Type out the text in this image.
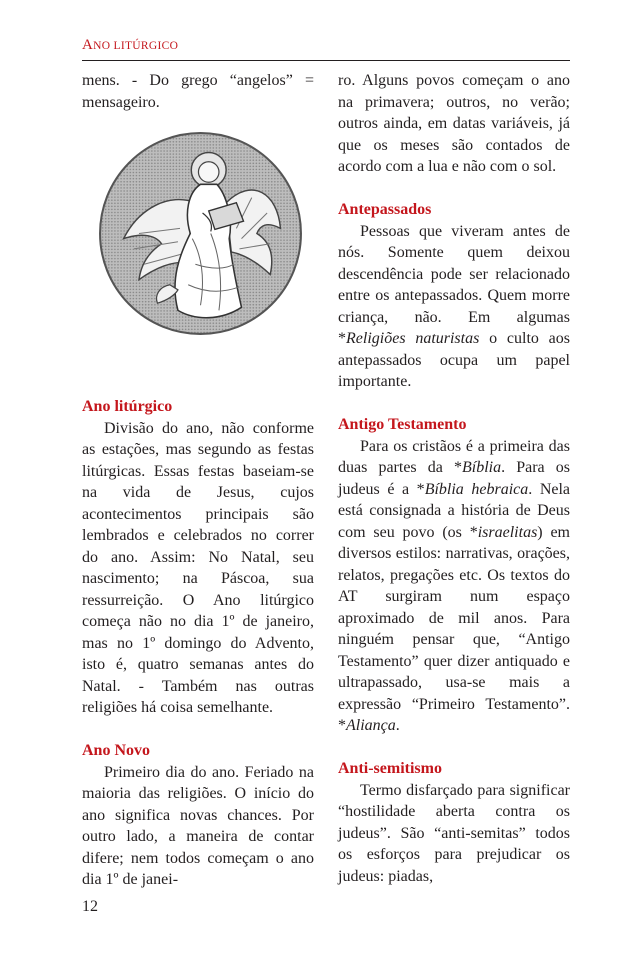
ANO LITÚRGICO

mens. - Do grego “angelos” = mensageiro.

Ano litúrgico

Divisão do ano, não conforme as estações, mas segundo as festas litúrgicas. Essas festas baseiam-se na vida de Jesus, cujos acontecimentos principais são lembrados e celebrados no correr do ano. Assim: No Natal, seu nascimento; na Páscoa, sua ressurreição. O Ano litúrgico começa não no dia 1º de janeiro, mas no 1º domingo do Advento, isto é, quatro semanas antes do Natal. - Também nas outras religiões há coisa semelhante.

Ano Novo

Primeiro dia do ano. Feriado na maioria das religiões. O início do ano significa novas chances. Por outro lado, a maneira de contar difere; nem todos começam o ano dia 1º de janei-

ro. Alguns povos começam o ano na primavera; outros, no verão; outros ainda, em datas variáveis, já que os meses são contados de acordo com a lua e não com o sol.

Antepassados

Pessoas que viveram antes de nós. Somente quem deixou descendência pode ser relacionado entre os antepassados. Quem morre criança, não. Em algumas *Religiões naturistas o culto aos antepassados ocupa um papel importante.

Antigo Testamento

Para os cristãos é a primeira das duas partes da *Bíblia. Para os judeus é a *Bíblia hebraica. Nela está consignada a história de Deus com seu povo (os *israelitas) em diversos estilos: narrativas, orações, relatos, pregações etc. Os textos do AT surgiram num espaço aproximado de mil anos. Para ninguém pensar que, “Antigo Testamento” quer dizer antiquado e ultrapassado, usa-se mais a expressão “Primeiro Testamento”. *Aliança.

Anti-semitismo

Termo disfarçado para significar “hostilidade aberta contra os judeus”. São “anti-semitas” todos os esforços para prejudicar os judeus: piadas,

12
